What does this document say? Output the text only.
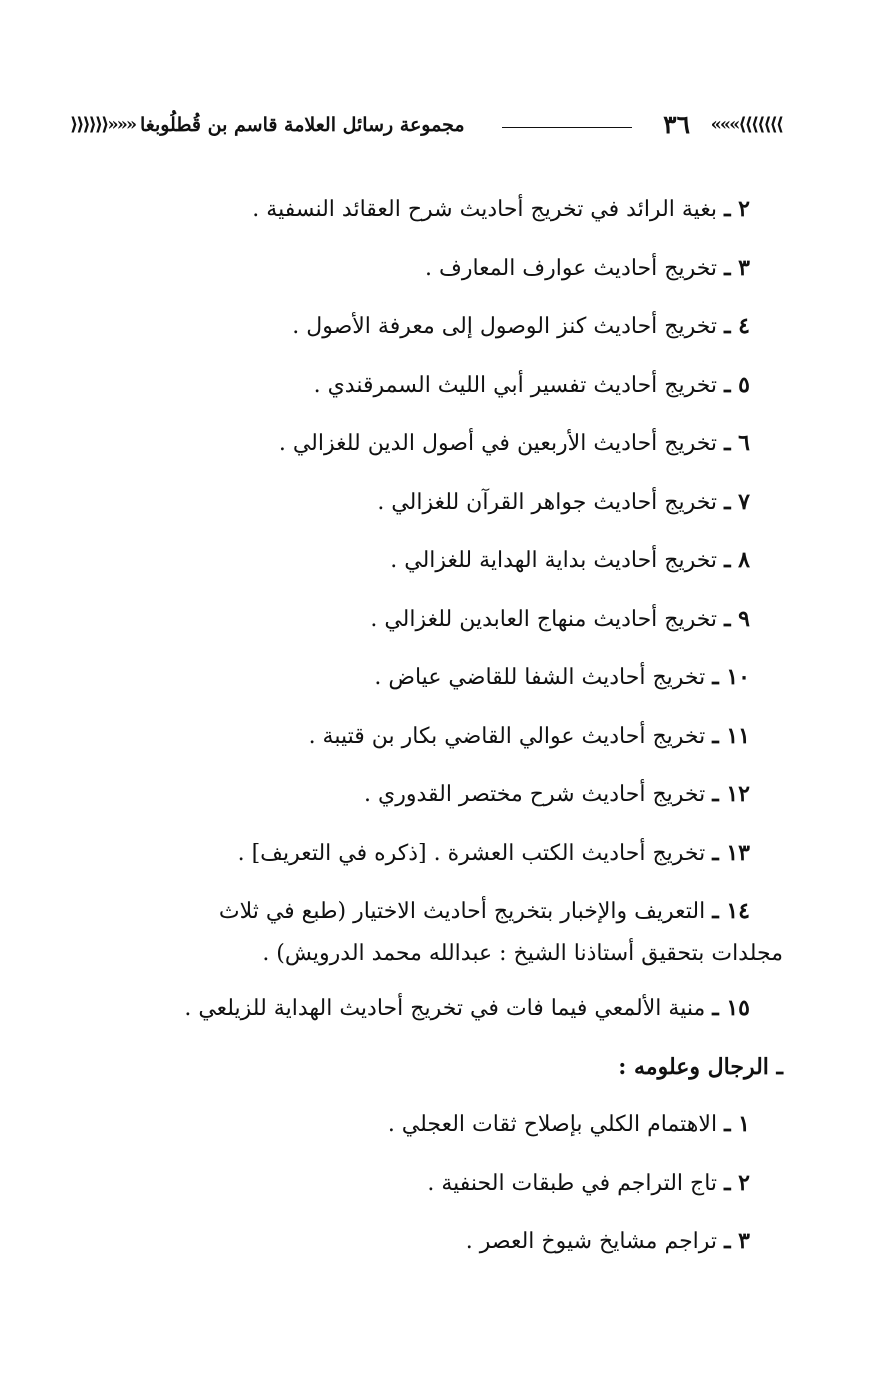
⟩⟩⟩⟩⟩⟩⟩»»»
٣٦
مجموعة رسائل العلامة قاسم بن قُطلُوبغا
«««⟨⟨⟨⟨⟨⟨
٢ ـ بغية الرائد في تخريج أحاديث شرح العقائد النسفية .
٣ ـ تخريج أحاديث عوارف المعارف .
٤ ـ تخريج أحاديث كنز الوصول إلى معرفة الأصول .
٥ ـ تخريج أحاديث تفسير أبي الليث السمرقندي .
٦ ـ تخريج أحاديث الأربعين في أصول الدين للغزالي .
٧ ـ تخريج أحاديث جواهر القرآن للغزالي .
٨ ـ تخريج أحاديث بداية الهداية للغزالي .
٩ ـ تخريج أحاديث منهاج العابدين للغزالي .
١٠ ـ تخريج أحاديث الشفا للقاضي عياض .
١١ ـ تخريج أحاديث عوالي القاضي بكار بن قتيبة .
١٢ ـ تخريج أحاديث شرح مختصر القدوري .
١٣ ـ تخريج أحاديث الكتب العشرة . [ذكره في التعريف] .
١٤ ـ التعريف والإخبار بتخريج أحاديث الاختيار (طبع في ثلاث
مجلدات بتحقيق أستاذنا الشيخ : عبدالله محمد الدرويش) .
١٥ ـ منية الألمعي فيما فات في تخريج أحاديث الهداية للزيلعي .
ـ الرجال وعلومه :
١ ـ الاهتمام الكلي بإصلاح ثقات العجلي .
٢ ـ تاج التراجم في طبقات الحنفية .
٣ ـ تراجم مشايخ شيوخ العصر .
